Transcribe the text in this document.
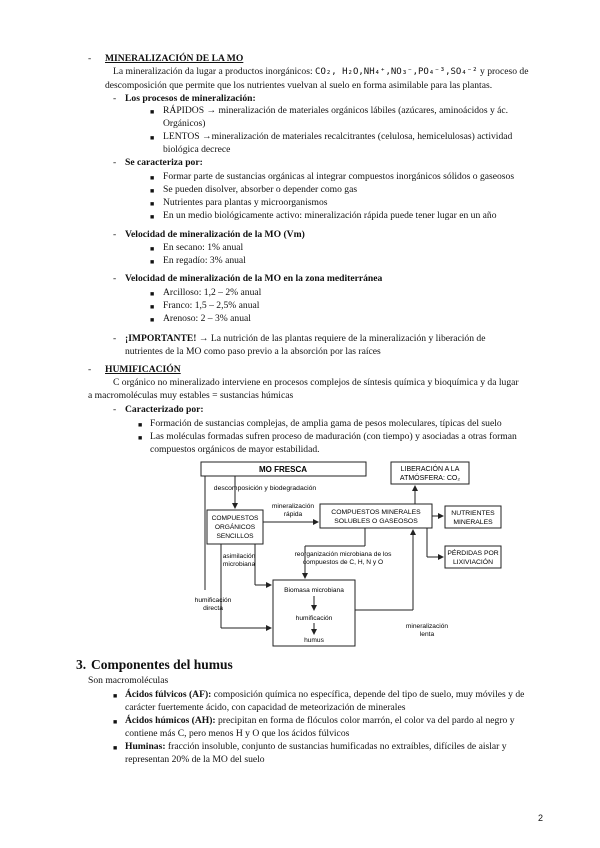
- MINERALIZACIÓN DE LA MO
La mineralización da lugar a productos inorgánicos: CO₂, H₂O,NH₄⁺,NO₃⁻,PO₄⁻³,SO₄⁻² y proceso de
descomposición que permite que los nutrientes vuelvan al suelo en forma asimilable para las plantas.
- Los procesos de mineralización:
■ RÁPIDOS → mineralización de materiales orgánicos lábiles (azúcares, aminoácidos y ác.
Orgánicos)
■ LENTOS →mineralización de materiales recalcitrantes (celulosa, hemicelulosas) actividad
biológica decrece
- Se caracteriza por:
■ Formar parte de sustancias orgánicas al integrar compuestos inorgánicos sólidos o gaseosos
■ Se pueden disolver, absorber o depender como gas
■ Nutrientes para plantas y microorganismos
■ En un medio biológicamente activo: mineralización rápida puede tener lugar en un año
- Velocidad de mineralización de la MO (Vm)
■ En secano: 1% anual
■ En regadío: 3% anual
- Velocidad de mineralización de la MO en la zona mediterránea
■ Arcilloso: 1,2 – 2% anual
■ Franco: 1,5 – 2,5% anual
■ Arenoso: 2 – 3% anual
- ¡IMPORTANTE! → La nutrición de las plantas requiere de la mineralización y liberación de
nutrientes de la MO como paso previo a la absorción por las raíces
- HUMIFICACIÓN
C orgánico no mineralizado interviene en procesos complejos de síntesis química y bioquímica y da lugar
a macromoléculas muy estables = sustancias húmicas
- Caracterizado por:
■ Formación de sustancias complejas, de amplia gama de pesos moleculares, típicas del suelo
■ Las moléculas formadas sufren proceso de maduración (con tiempo) y asociadas a otras forman
compuestos orgánicos de mayor estabilidad.
MO FRESCA	LIBERACIÓN A LA
ATMÓSFERA: CO₂
descomposición y biodegradación
mineralización
rápida
COMPUESTOS
ORGÁNICOS
SENCILLOS
COMPUESTOS MINERALES
SOLUBLES O GASEOSOS
NUTRIENTES
MINERALES
asimilación
microbiana
reorganización microbiana de los
compuestos de C, H, N y O
PÉRDIDAS POR
LIXIVIACIÓN
humificación
directa
Biomasa microbiana
humificación
humus
mineralización
lenta
3. Componentes del humus
Son macromoléculas
■ Ácidos fúlvicos (AF): composición química no específica, depende del tipo de suelo, muy móviles y de
carácter fuertemente ácido, con capacidad de meteorización de minerales
■ Ácidos húmicos (AH): precipitan en forma de flóculos color marrón, el color va del pardo al negro y
contiene más C, pero menos H y O que los ácidos fúlvicos
■ Huminas: fracción insoluble, conjunto de sustancias humificadas no extraíbles, difíciles de aislar y
representan 20% de la MO del suelo
2
